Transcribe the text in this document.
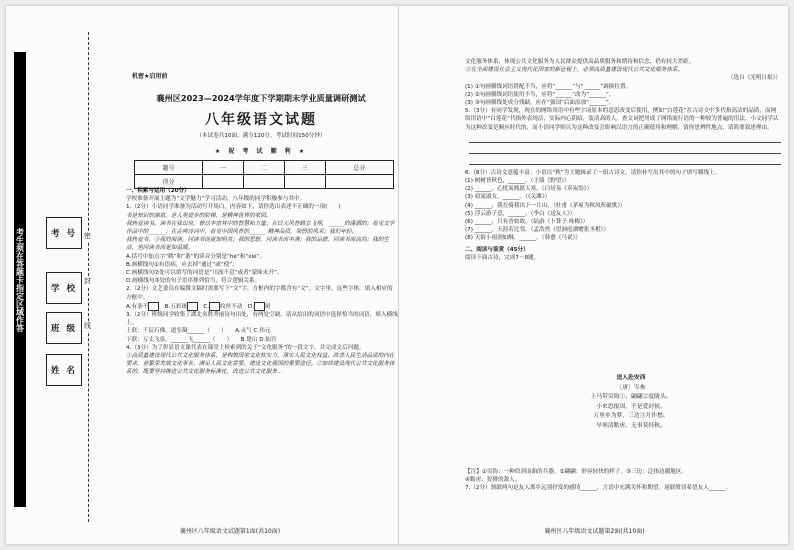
考生须在答题卡指定区域作答	考 号
学 校
班 级
姓 名
密
封
线
机密★启用前
襄州区2023—2024学年度下学期期末学业质量调研测试
八年级语文试题
（本试卷共10面，满分120分，考试时间150分钟）
★ 祝 考 试 顺 利 ★
题号	一	二	三	总分
得分				

一、积累与运用（20分）

学校准备开展主题为“文学魅力”学习活动，八年级的同学积极参与其中。

1.（2分）小语同学准备为活动写开场白，内容如下，请你选出表述不正确的一项(　　)

书是知识的源泉，是人类进步的阶梯，是精神世界的家园。

我热爱读书。读书在我出世，曾以丰富其中的智慧和力量；在曰天风骨鹤立飞翔，______的潇洒的；看见文学作品中的______；在古典诗词中，看见中国风骨的______ 精神品质，领悟的风采；我们年轻。

我热爱书。③我的阅读，同读书而更加明亮；我的思想，同读书而丰满；我的品德，同读书而高尚；我的生活，也同读书而更加温暖。

A.括号中加点字“鹤”和“谐”的读音分别是“hè”和“xié”。

B.画横线句①有语病，应去掉“通过”或“使”。

C.画横线句②处可以填写的词语是“川流不息”或者“蒙昧未开”。

D.画横线句③处的句子语序排列恰当，符合逻辑关系。

2.（2分）文艺委员在编撰文稿时需要写下“文”字，方框内的字都含有“文”。文字里，这些字体，填入相应的方框中。

A.有条不	B.五彩斑	C. 纹丝不动 D. 斑

3.（2分）班级同学收集了湖北名胜秀丽诗句出处，有两处空缺，请从给出的词语中选择恰当的词语，填入横线上。

上联：千层石佛，道室凝______（　　）　　A.灵气 C.伟元

下联：万丈飞泉，______飞______（　　）　　B.楚山 D.仙宫

4.（3分）为了彰显语文课代表在课堂上检索到的关于“文化服务”的一段文字，并完成文后问题。

①高质量建设现代公共文化服务体系，是构筑国家文化软实力、落实人民文化权益、改善人民生活品质的内在要求，是繁荣发展文化事业、满足人民文化需要、建设文化强国的重要途径。②加快建设现代公共文化服务体系的，既要坚持推进公共文化服务标准化，改进公共文化服务...

襄州区八年级语文试题第1面(共10面)

文化服务体系，体现公共文化服务为人民群众提供高品质服务和期待和信念，仍有较大差距。

③在全面建设社会主义现代化国家的新征程上，必须高质量建设现代公共文化服务体系。

（选自《光明日报》）

(1) ①句画横线词语错配不当，应将“______”与“______”调换位置。

(2) ②句画横线词语使用不当，应将“______”改为“______”。

(3) ③句画横线处成分残缺，应在“强国”后面添加“______”。

5.（3分）有同学发现，现在的网络用语中有些字词原本的意思改变后使用，例如“白莲花”在古诗文中多代指高洁的品质，而网络用语中“白莲花”代指外表纯洁，实际内心阴暗，装清高的人。查文词把用成了网络流行语的一种较为普遍的用法。小文同学认为这种改变是顺应时代的，而小语同学则认为这种改变会影响汉语言的正确使用和理解，请你思辨性地点，请简要叙述理由。

6.（8分）古诗文意蕴丰富。小语以“秋”为主题辑录了一组古诗文，请你补写出其中的句子填写横线上。

(1) 树树皆秋色，______。（王绩《野望》）

(2) ______，心忧炭贱愿天寒。（白居易《卖炭翁》）

(3) 窈窕淑女，______。（《关雎》）

(4) ______，我在骑我出下一片山。（杜甫《茅屋为秋风所破歌》）

(5) 浮云游子意，______。（李白《送友人》）

(6) ______，只有香如故。（陆游《卜算子·咏梅》）

(7) ______，天涯若比邻。（孟浩然《望洞庭湖赠张丞相》）

(8) 天街小雨润如酥，______。（韩愈《马说》）

二、阅读与鉴赏（45分）

阅读下面古诗，完成7～8题。

送人赴安西
〔唐〕岑参
上马带吴钩①，翩翩②度陇头。
小来思报国，不是爱封侯。
万里乡为梦，三边③月作愁。
早须清黠虏，无事莫经秋。

【注】①吴钩：一种似剑而曲的兵器。②翩翩：形容轻快的样子。③三边：泛指边疆地区。

④黠虏：狡猾的敌人。

7.（2分）颈联两句是友人离乡远别抒发的感情______，言语中充满关怀和期望。尾联殷切希望友人______。

襄州区八年级语文试题第2面(共10面)
